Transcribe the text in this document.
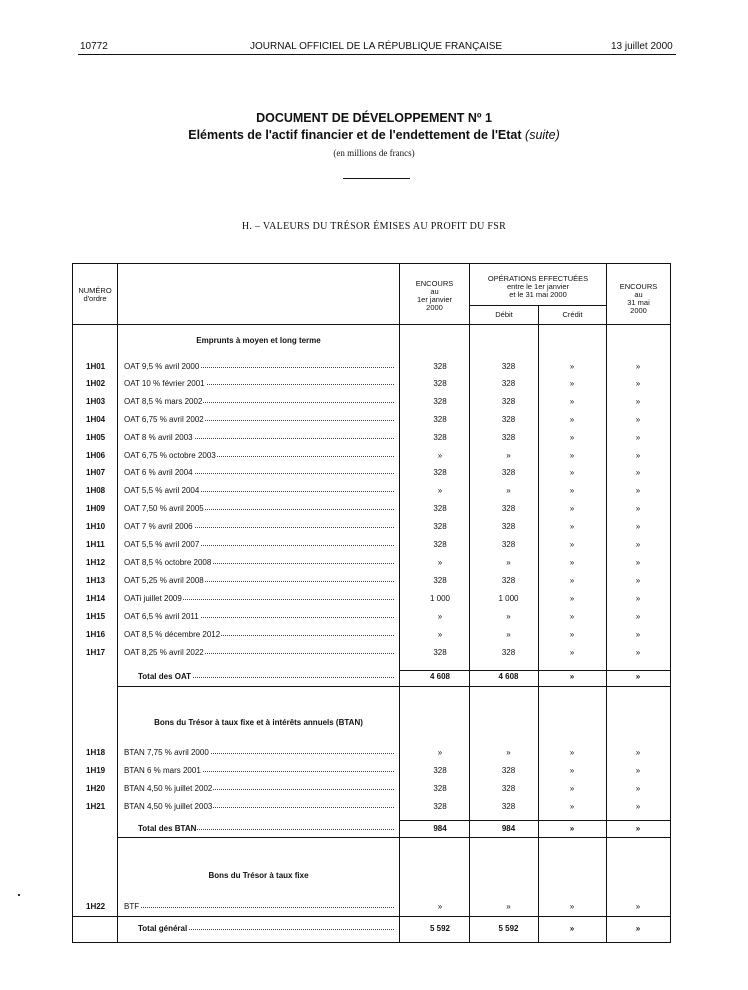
10772	JOURNAL OFFICIEL DE LA RÉPUBLIQUE FRANÇAISE	13 juillet 2000
DOCUMENT DE DÉVELOPPEMENT Nº 1
Eléments de l'actif financier et de l'endettement de l'Etat (suite)
(en millions de francs)
H. – VALEURS DU TRÉSOR ÉMISES AU PROFIT DU FSR
NUMÉRO
d'ordre
ENCOURS
au
1er janvier
2000
OPÉRATIONS EFFECTUÉES
entre le 1er janvier
et le 31 mai 2000
Débit	Crédit
ENCOURS
au
31 mai
2000
Emprunts à moyen et long terme
Bons du Trésor à taux fixe et à intérêts annuels (BTAN)
Bons du Trésor à taux fixe
1H01 OAT 9,5 % avril 2000	328	328	»	»
1H02 OAT 10 % février 2001	328	328	»	»
1H03 OAT 8,5 % mars 2002	328	328	»	»
1H04 OAT 6,75 % avril 2002	328	328	»	»
1H05 OAT 8 % avril 2003	328	328	»	»
1H06 OAT 6,75 % octobre 2003	»	»	»	»
1H07 OAT 6 % avril 2004	328	328	»	»
1H08 OAT 5,5 % avril 2004	»	»	»	»
1H09 OAT 7,50 % avril 2005	328	328	»	»
1H10 OAT 7 % avril 2006	328	328	»	»
1H11 OAT 5,5 % avril 2007	328	328	»	»
1H12 OAT 8,5 % octobre 2008	»	»	»	»
1H13 OAT 5,25 % avril 2008	328	328	»	»
1H14 OATi juillet 2009	1 000	1 000	»	»
1H15 OAT 6,5 % avril 2011	»	»	»	»
1H16 OAT 8,5 % décembre 2012	»	»	»	»
1H17 OAT 8,25 % avril 2022	328	328	»	»
Total des OAT	4 608	4 608	»	»
1H18 BTAN 7,75 % avril 2000	»	»	»	»
1H19 BTAN 6 % mars 2001	328	328	»	»
1H20 BTAN 4,50 % juillet 2002	328	328	»	»
1H21 BTAN 4,50 % juillet 2003	328	328	»	»
Total des BTAN	984	984	»	»
1H22 BTF	»	»	»	»
Total général	5 592	5 592	»	»
